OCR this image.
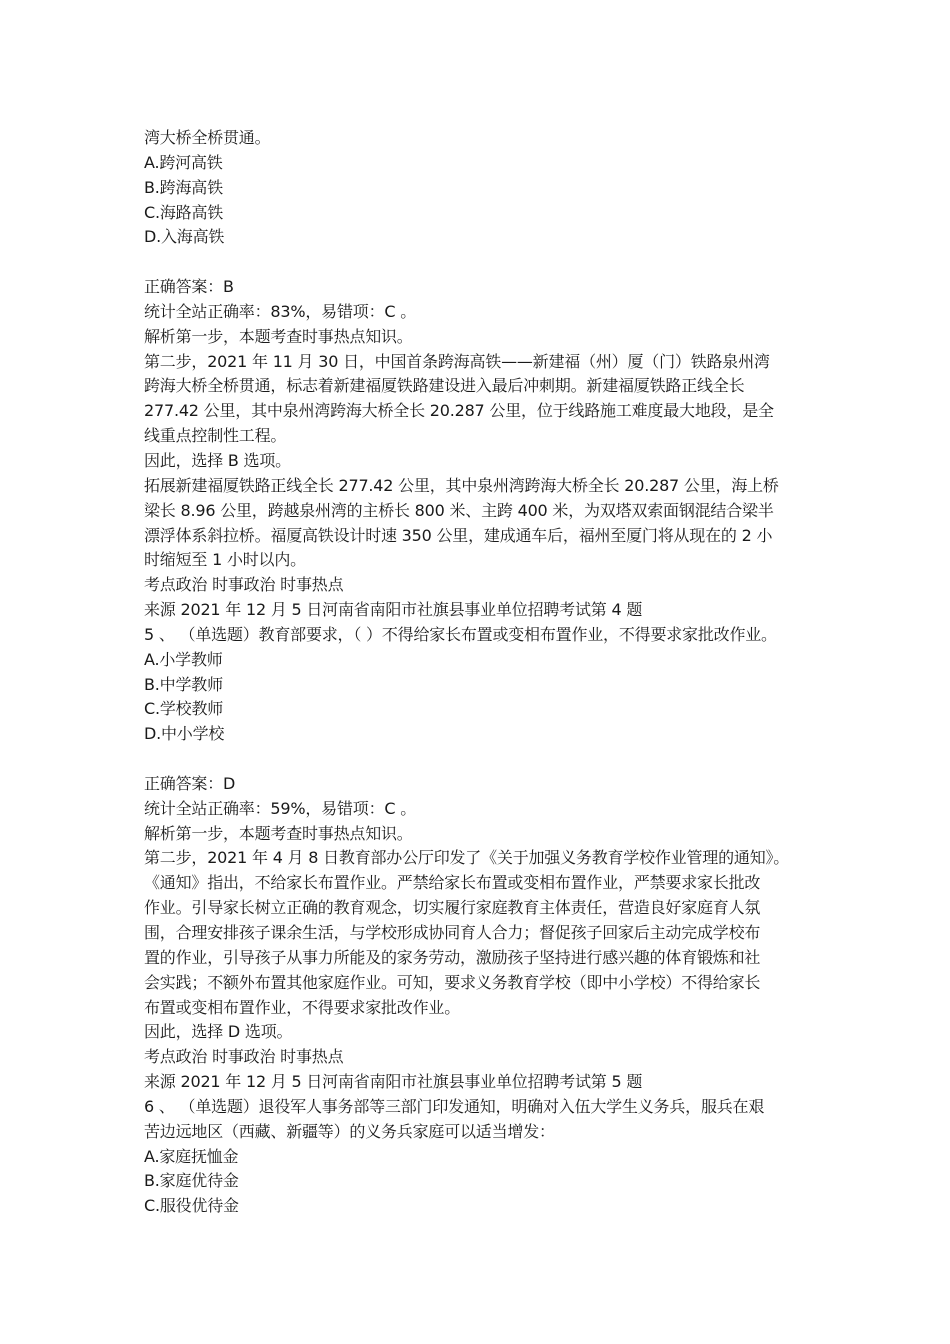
湾大桥全桥贯通。
A.跨河高铁
B.跨海高铁
C.海路高铁
D.入海高铁
正确答案：B
统计全站正确率：83%，易错项：C 。
解析第一步，本题考查时事热点知识。
第二步，2021 年 11 月 30 日，中国首条跨海高铁——新建福（州）厦（门）铁路泉州湾
跨海大桥全桥贯通，标志着新建福厦铁路建设进入最后冲刺期。新建福厦铁路正线全长
277.42 公里，其中泉州湾跨海大桥全长 20.287 公里，位于线路施工难度最大地段，是全
线重点控制性工程。
因此，选择 B 选项。
拓展新建福厦铁路正线全长 277.42 公里，其中泉州湾跨海大桥全长 20.287 公里，海上桥
梁长 8.96 公里，跨越泉州湾的主桥长 800 米、主跨 400 米，为双塔双索面钢混结合梁半
漂浮体系斜拉桥。福厦高铁设计时速 350 公里，建成通车后，福州至厦门将从现在的 2 小
时缩短至 1 小时以内。
考点政治 时事政治 时事热点
来源 2021 年 12 月 5 日河南省南阳市社旗县事业单位招聘考试第 4 题
5 、 （单选题）教育部要求，（ ）不得给家长布置或变相布置作业，不得要求家批改作业。
A.小学教师
B.中学教师
C.学校教师
D.中小学校
正确答案：D
统计全站正确率：59%，易错项：C 。
解析第一步，本题考查时事热点知识。
第二步，2021 年 4 月 8 日教育部办公厅印发了《关于加强义务教育学校作业管理的通知》。
《通知》指出，不给家长布置作业。严禁给家长布置或变相布置作业，严禁要求家长批改
作业。引导家长树立正确的教育观念，切实履行家庭教育主体责任，营造良好家庭育人氛
围，合理安排孩子课余生活，与学校形成协同育人合力；督促孩子回家后主动完成学校布
置的作业，引导孩子从事力所能及的家务劳动，激励孩子坚持进行感兴趣的体育锻炼和社
会实践；不额外布置其他家庭作业。可知，要求义务教育学校（即中小学校）不得给家长
布置或变相布置作业，不得要求家批改作业。
因此，选择 D 选项。
考点政治 时事政治 时事热点
来源 2021 年 12 月 5 日河南省南阳市社旗县事业单位招聘考试第 5 题
6 、 （单选题）退役军人事务部等三部门印发通知，明确对入伍大学生义务兵，服兵在艰
苦边远地区（西藏、新疆等）的义务兵家庭可以适当增发：
A.家庭抚恤金
B.家庭优待金
C.服役优待金
